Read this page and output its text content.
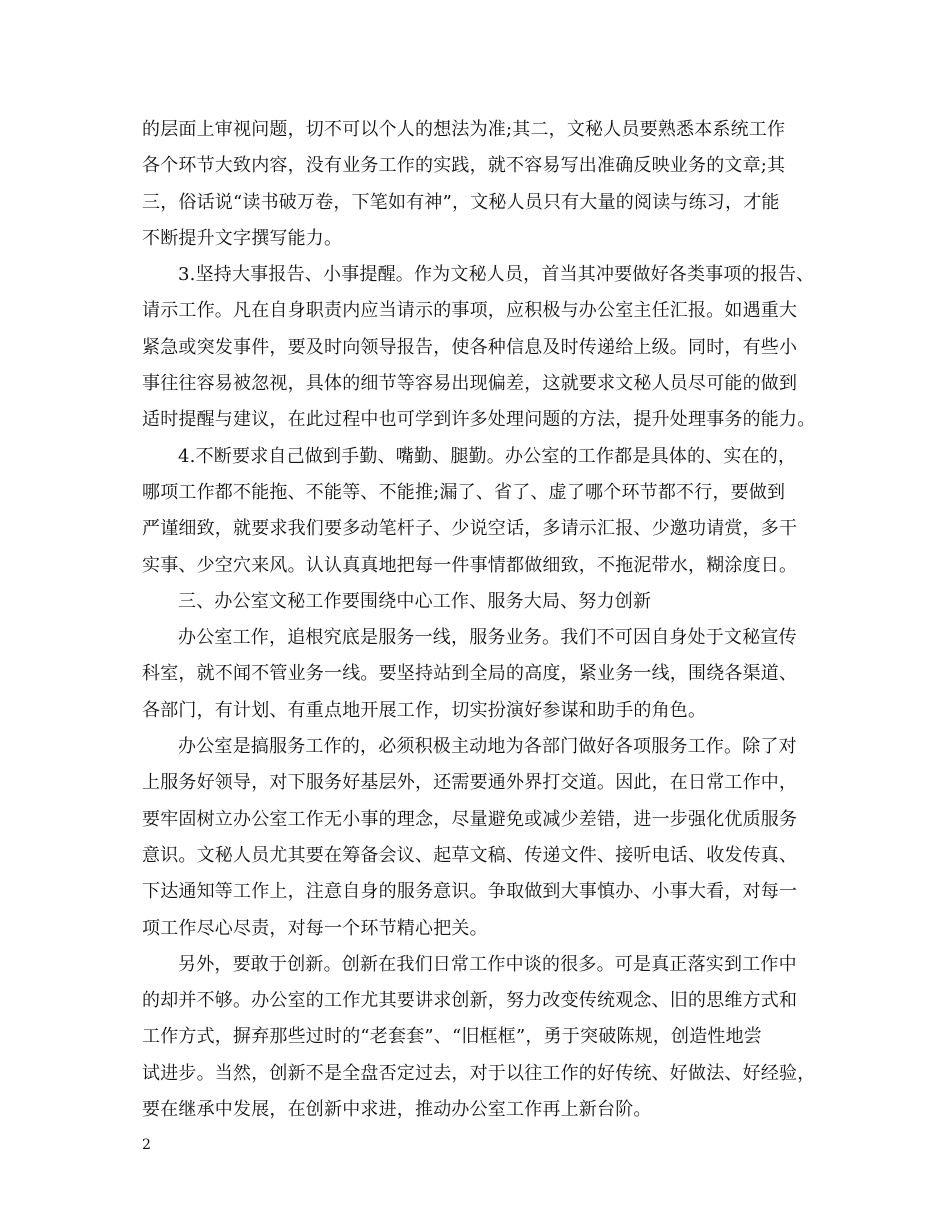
的层面上审视问题，切不可以个人的想法为准;其二，文秘人员要熟悉本系统工作
各个环节大致内容，没有业务工作的实践，就不容易写出准确反映业务的文章;其
三，俗话说“读书破万卷，下笔如有神”，文秘人员只有大量的阅读与练习，才能
不断提升文字撰写能力。

3.坚持大事报告、小事提醒。作为文秘人员，首当其冲要做好各类事项的报告、
请示工作。凡在自身职责内应当请示的事项，应积极与办公室主任汇报。如遇重大
紧急或突发事件，要及时向领导报告，使各种信息及时传递给上级。同时，有些小
事往往容易被忽视，具体的细节等容易出现偏差，这就要求文秘人员尽可能的做到
适时提醒与建议，在此过程中也可学到许多处理问题的方法，提升处理事务的能力。

4.不断要求自己做到手勤、嘴勤、腿勤。办公室的工作都是具体的、实在的，
哪项工作都不能拖、不能等、不能推;漏了、省了、虚了哪个环节都不行，要做到
严谨细致，就要求我们要多动笔杆子、少说空话，多请示汇报、少邀功请赏，多干
实事、少空穴来风。认认真真地把每一件事情都做细致，不拖泥带水，糊涂度日。

三、办公室文秘工作要围绕中心工作、服务大局、努力创新

办公室工作，追根究底是服务一线，服务业务。我们不可因自身处于文秘宣传
科室，就不闻不管业务一线。要坚持站到全局的高度，紧业务一线，围绕各渠道、
各部门，有计划、有重点地开展工作，切实扮演好参谋和助手的角色。

办公室是搞服务工作的，必须积极主动地为各部门做好各项服务工作。除了对
上服务好领导，对下服务好基层外，还需要通外界打交道。因此，在日常工作中，
要牢固树立办公室工作无小事的理念，尽量避免或减少差错，进一步强化优质服务
意识。文秘人员尤其要在筹备会议、起草文稿、传递文件、接听电话、收发传真、
下达通知等工作上，注意自身的服务意识。争取做到大事慎办、小事大看，对每一
项工作尽心尽责，对每一个环节精心把关。

另外，要敢于创新。创新在我们日常工作中谈的很多。可是真正落实到工作中
的却并不够。办公室的工作尤其要讲求创新，努力改变传统观念、旧的思维方式和
工作方式，摒弃那些过时的“老套套”、“旧框框”，勇于突破陈规，创造性地尝
试进步。当然，创新不是全盘否定过去，对于以往工作的好传统、好做法、好经验，
要在继承中发展，在创新中求进，推动办公室工作再上新台阶。

2
